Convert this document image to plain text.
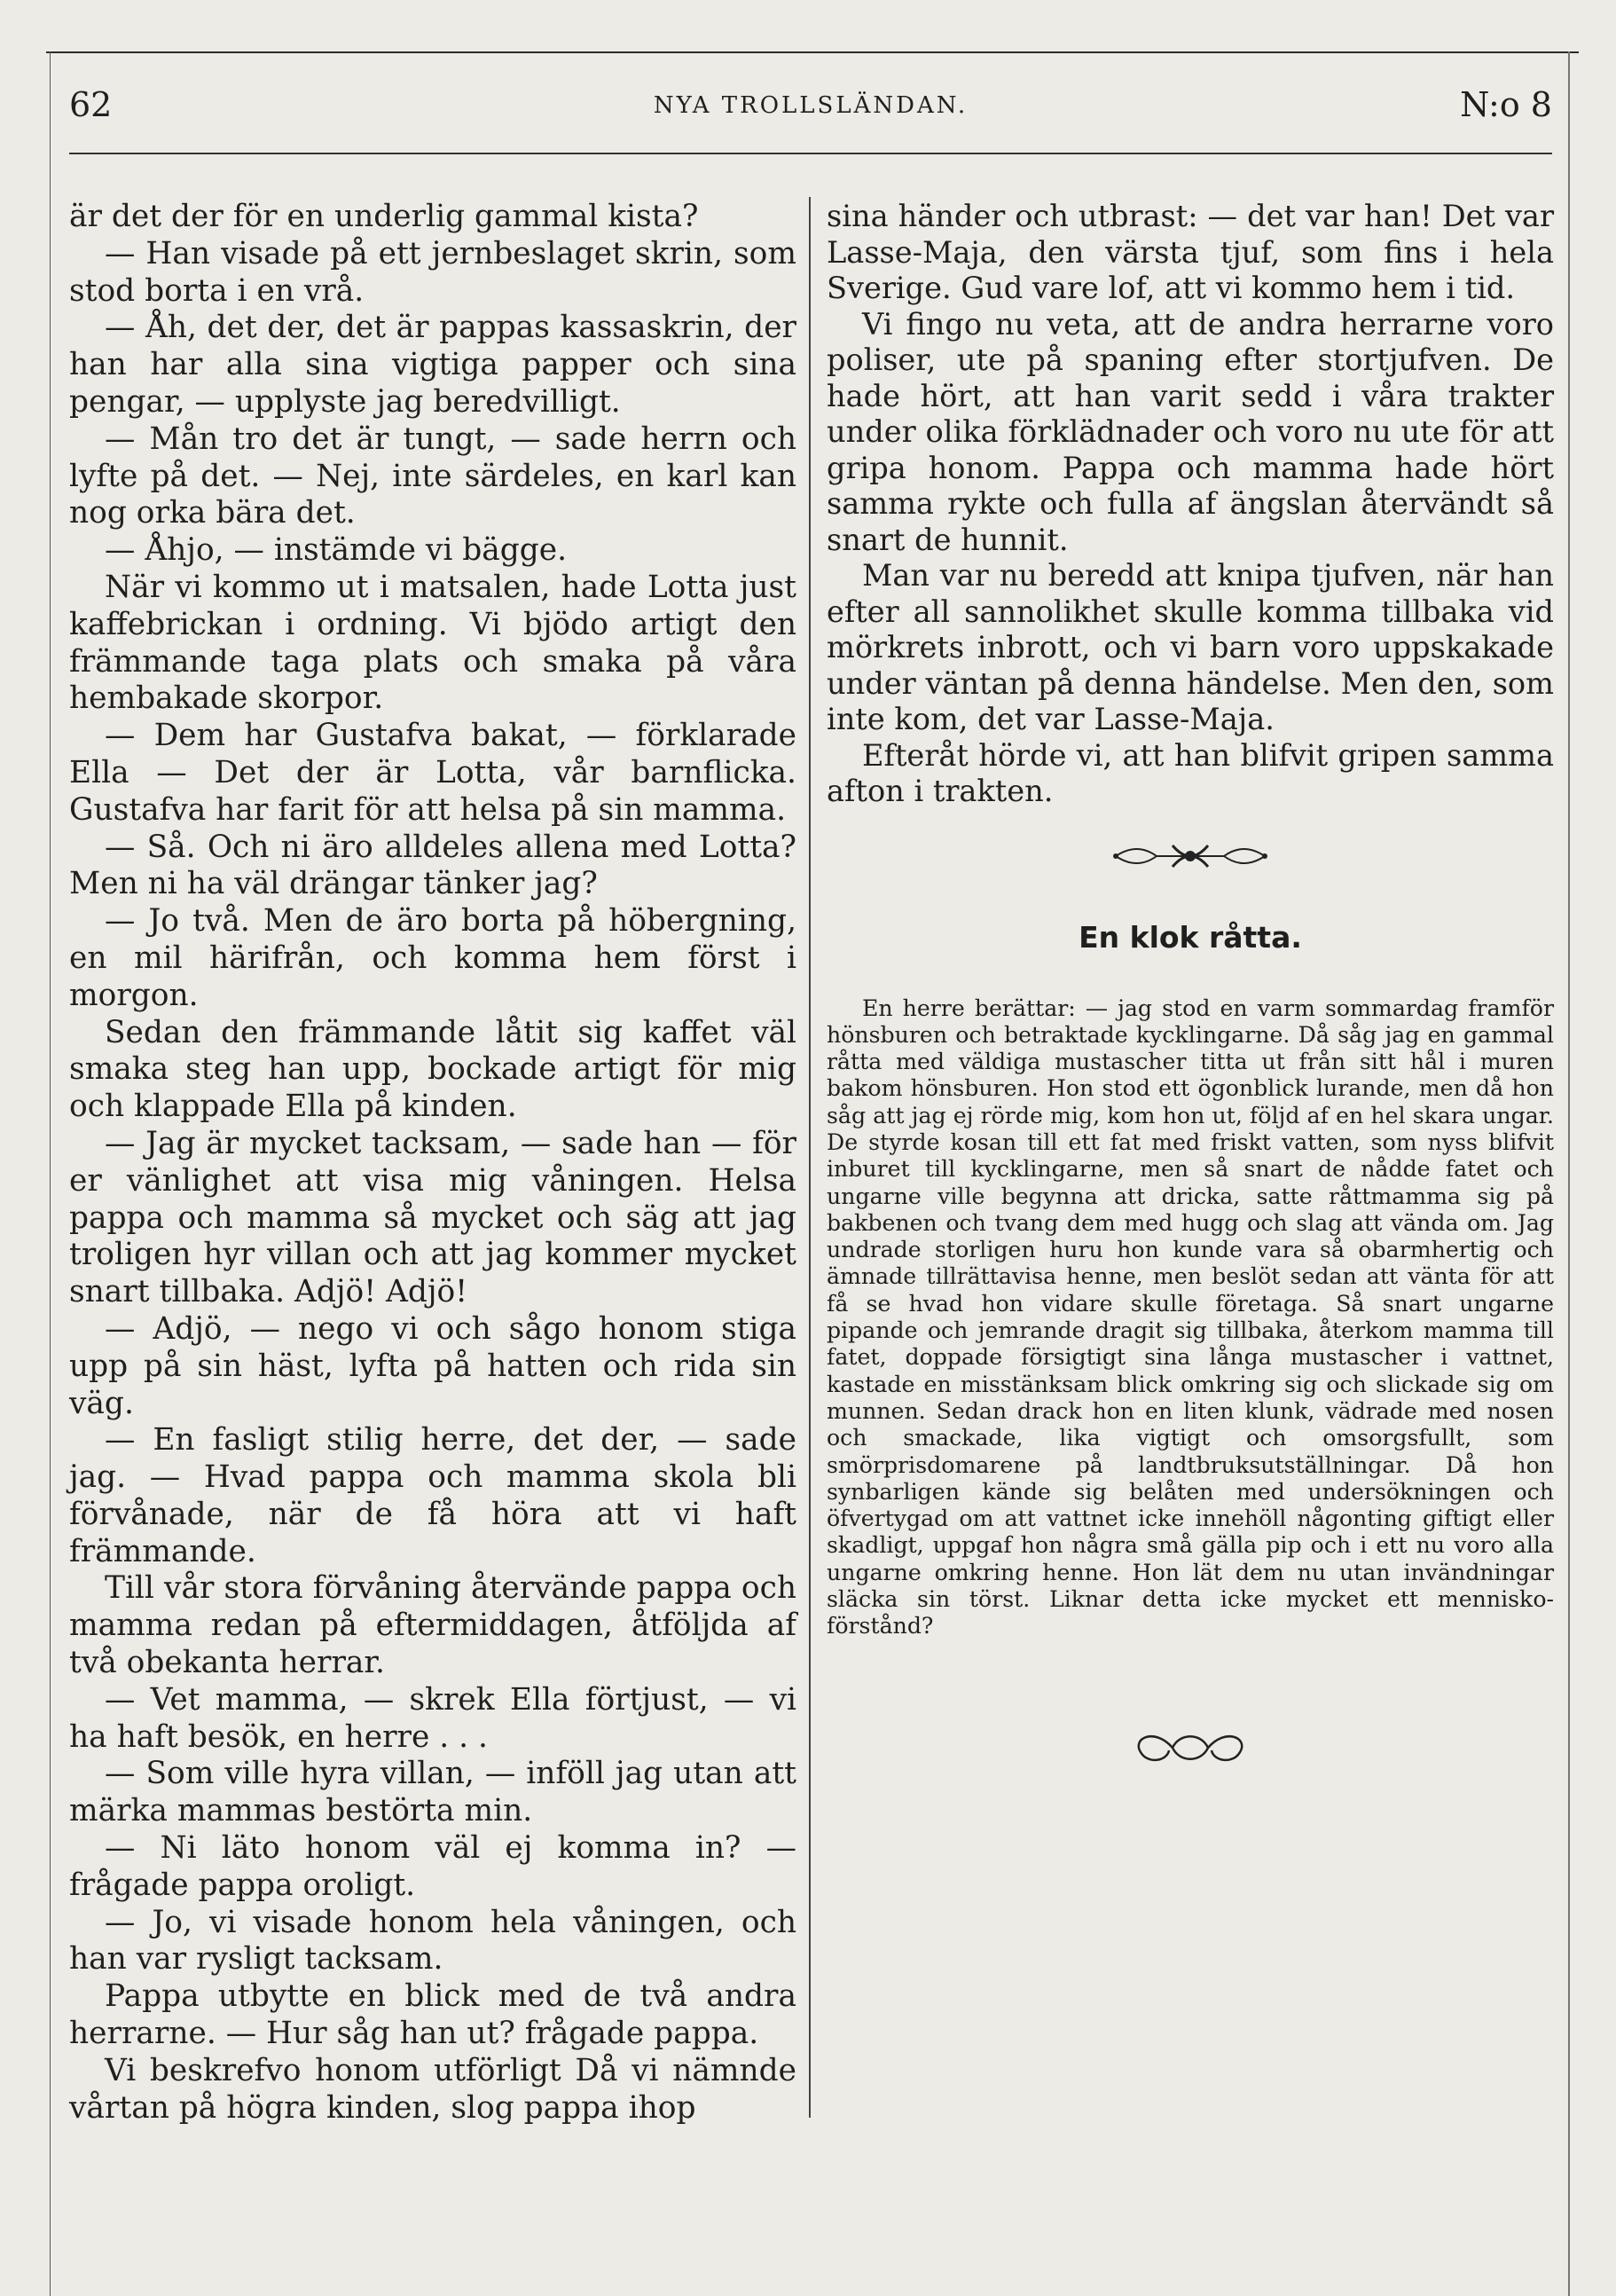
62	NYA TROLLSLÄNDAN.	N:o 8

är det der för en underlig gammal kista?

— Han visade på ett jernbeslaget skrin, som stod borta i en vrå.

— Åh, det der, det är pappas kassaskrin, der han har alla sina vigtiga papper och sina pengar, — upplyste jag beredvilligt.

— Mån tro det är tungt, — sade herrn och lyfte på det. — Nej, inte särdeles, en karl kan nog orka bära det.

— Åhjo, — instämde vi bägge.

När vi kommo ut i matsalen, hade Lotta just kaffebrickan i ordning. Vi bjödo artigt den främmande taga plats och smaka på våra hembakade skorpor.

— Dem har Gustafva bakat, — förklarade Ella — Det der är Lotta, vår barnflicka. Gustafva har farit för att helsa på sin mamma.

— Så. Och ni äro alldeles allena med Lotta? Men ni ha väl drängar tänker jag?

— Jo två. Men de äro borta på höbergning, en mil härifrån, och komma hem först i morgon.

Sedan den främmande låtit sig kaffet väl smaka steg han upp, bockade artigt för mig och klappade Ella på kinden.

— Jag är mycket tacksam, — sade han — för er vänlighet att visa mig våningen. Helsa pappa och mamma så mycket och säg att jag troligen hyr villan och att jag kommer mycket snart tillbaka. Adjö! Adjö!

— Adjö, — nego vi och sågo honom stiga upp på sin häst, lyfta på hatten och rida sin väg.

— En fasligt stilig herre, det der, — sade jag. — Hvad pappa och mamma skola bli förvånade, när de få höra att vi haft främmande.

Till vår stora förvåning återvände pappa och mamma redan på eftermiddagen, åtföljda af två obekanta herrar.

— Vet mamma, — skrek Ella förtjust, — vi ha haft besök, en herre . . .

— Som ville hyra villan, — inföll jag utan att märka mammas bestörta min.

— Ni läto honom väl ej komma in? — frågade pappa oroligt.

— Jo, vi visade honom hela våningen, och han var rysligt tacksam.

Pappa utbytte en blick med de två andra herrarne. — Hur såg han ut? frågade pappa.

Vi beskrefvo honom utförligt Då vi nämnde vårtan på högra kinden, slog pappa ihop

sina händer och utbrast: — det var han! Det var Lasse-Maja, den värsta tjuf, som fins i hela Sverige. Gud vare lof, att vi kommo hem i tid.

Vi fingo nu veta, att de andra herrarne voro poliser, ute på spaning efter stortjufven. De hade hört, att han varit sedd i våra trakter under olika förklädnader och voro nu ute för att gripa honom. Pappa och mamma hade hört samma rykte och fulla af ängslan återvändt så snart de hunnit.

Man var nu beredd att knipa tjufven, när han efter all sannolikhet skulle komma tillbaka vid mörkrets inbrott, och vi barn voro uppskakade under väntan på denna händelse. Men den, som inte kom, det var Lasse-Maja.

Efteråt hörde vi, att han blifvit gripen samma afton i trakten.

En klok råtta.

En herre berättar: — jag stod en varm sommardag framför hönsburen och betraktade kycklingarne. Då såg jag en gammal råtta med väldiga mustascher titta ut från sitt hål i muren bakom hönsburen. Hon stod ett ögonblick lurande, men då hon såg att jag ej rörde mig, kom hon ut, följd af en hel skara ungar. De styrde kosan till ett fat med friskt vatten, som nyss blifvit inburet till kycklingarne, men så snart de nådde fatet och ungarne ville begynna att dricka, satte råttmamma sig på bakbenen och tvang dem med hugg och slag att vända om. Jag undrade storligen huru hon kunde vara så obarmhertig och ämnade tillrättavisa henne, men beslöt sedan att vänta för att få se hvad hon vidare skulle företaga. Så snart ungarne pipande och jemrande dragit sig tillbaka, återkom mamma till fatet, doppade försigtigt sina långa mustascher i vattnet, kastade en misstänksam blick omkring sig och slickade sig om munnen. Sedan drack hon en liten klunk, vädrade med nosen och smackade, lika vigtigt och omsorgsfullt, som smörprisdomarene på landtbruksutställningar. Då hon synbarligen kände sig belåten med undersökningen och öfvertygad om att vattnet icke innehöll någonting giftigt eller skadligt, uppgaf hon några små gälla pip och i ett nu voro alla ungarne omkring henne. Hon lät dem nu utan invändningar släcka sin törst. Liknar detta icke mycket ett mennisko-förstånd?
